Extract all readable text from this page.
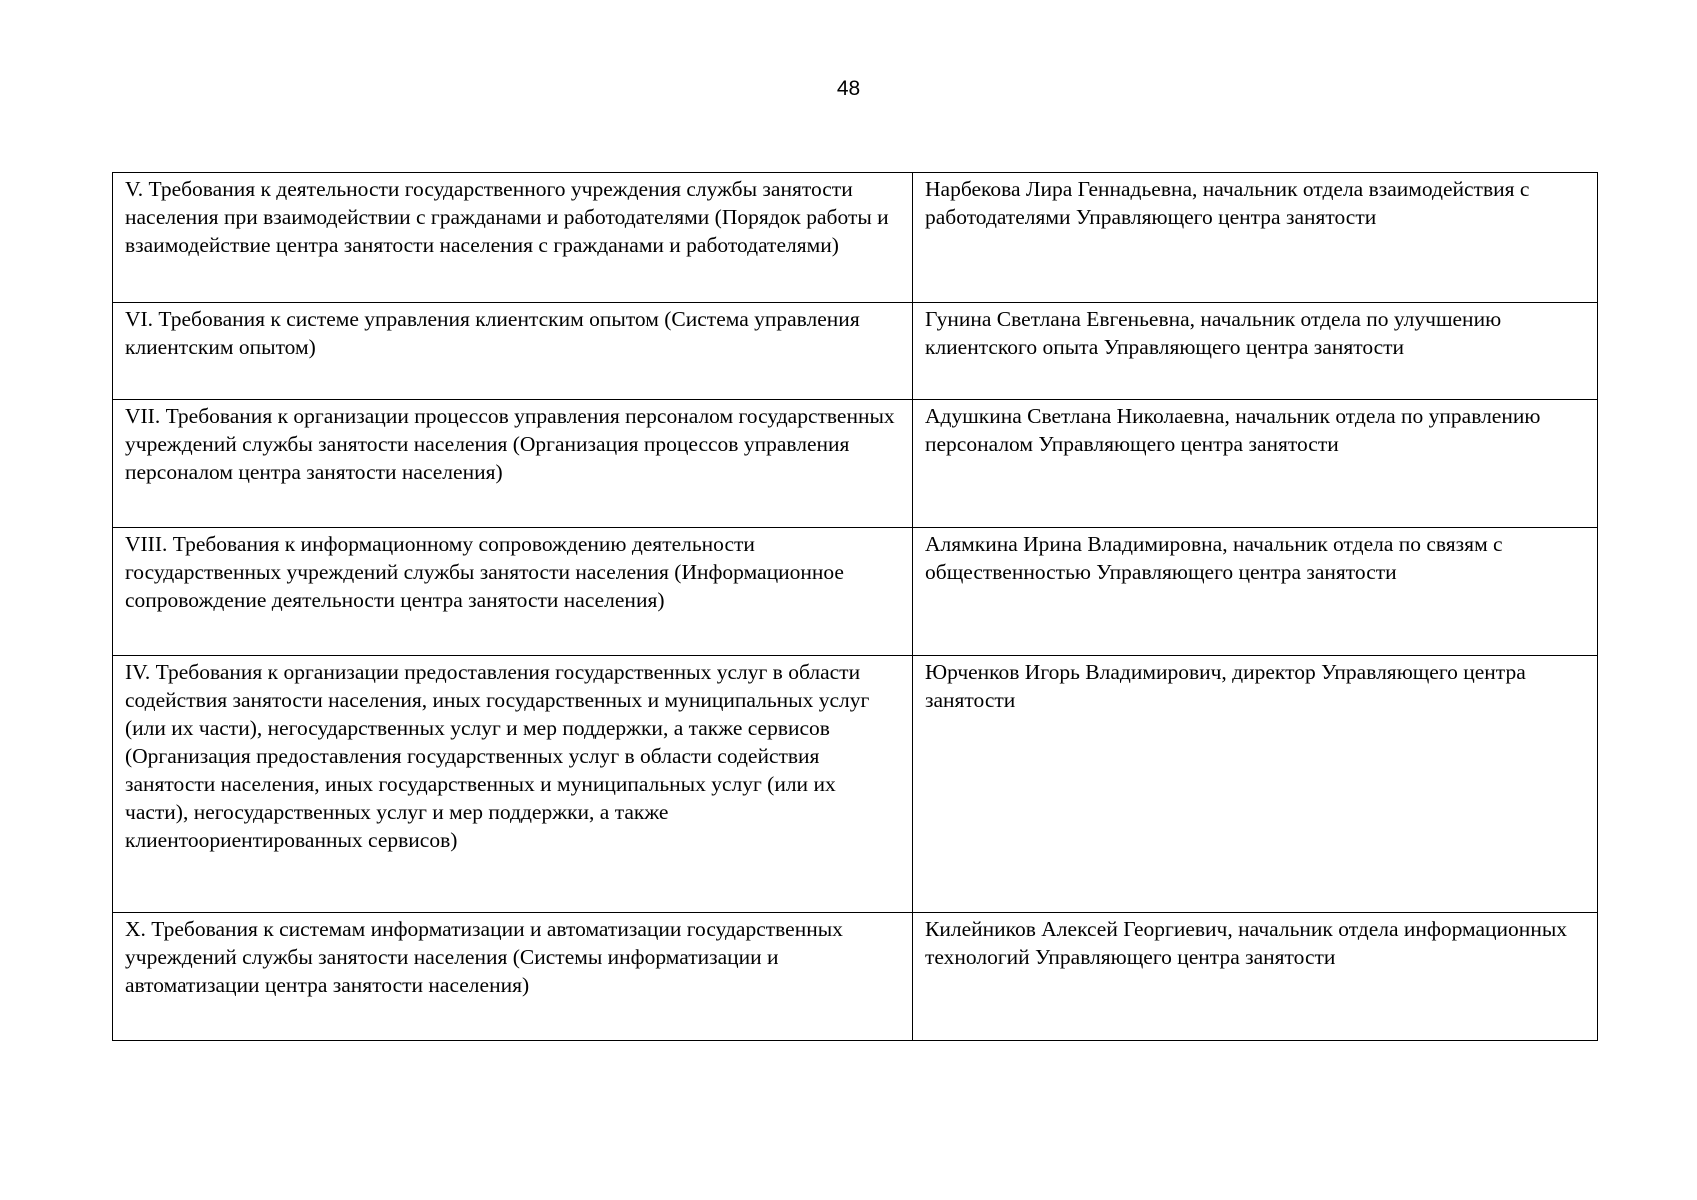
48
V. Требования к деятельности государственного учреждения службы занятости населения при взаимодействии с гражданами и работодателями (Порядок работы и взаимодействие центра занятости населения с гражданами и работодателями)	Нарбекова Лира Геннадьевна, начальник отдела взаимодействия с работодателями Управляющего центра занятости
VI. Требования к системе управления клиентским опытом (Система управления клиентским опытом)	Гунина Светлана Евгеньевна, начальник отдела по улучшению клиентского опыта Управляющего центра занятости
VII. Требования к организации процессов управления персоналом государственных учреждений службы занятости населения (Организация процессов управления персоналом центра занятости населения)	Адушкина Светлана Николаевна, начальник отдела по управлению персоналом Управляющего центра занятости
VIII. Требования к информационному сопровождению деятельности государственных учреждений службы занятости населения (Информационное сопровождение деятельности центра занятости населения)	Алямкина Ирина Владимировна, начальник отдела по связям с общественностью Управляющего центра занятости
IV. Требования к организации предоставления государственных услуг в области содействия занятости населения, иных государственных и муниципальных услуг (или их части), негосударственных услуг и мер поддержки, а также сервисов (Организация предоставления государственных услуг в области содействия занятости населения, иных государственных и муниципальных услуг (или их части), негосударственных услуг и мер поддержки, а также клиентоориентированных сервисов)	Юрченков Игорь Владимирович, директор Управляющего центра занятости
X. Требования к системам информатизации и автоматизации государственных учреждений службы занятости населения (Системы информатизации и автоматизации центра занятости населения)	Килейников Алексей Георгиевич, начальник отдела информационных технологий Управляющего центра занятости
